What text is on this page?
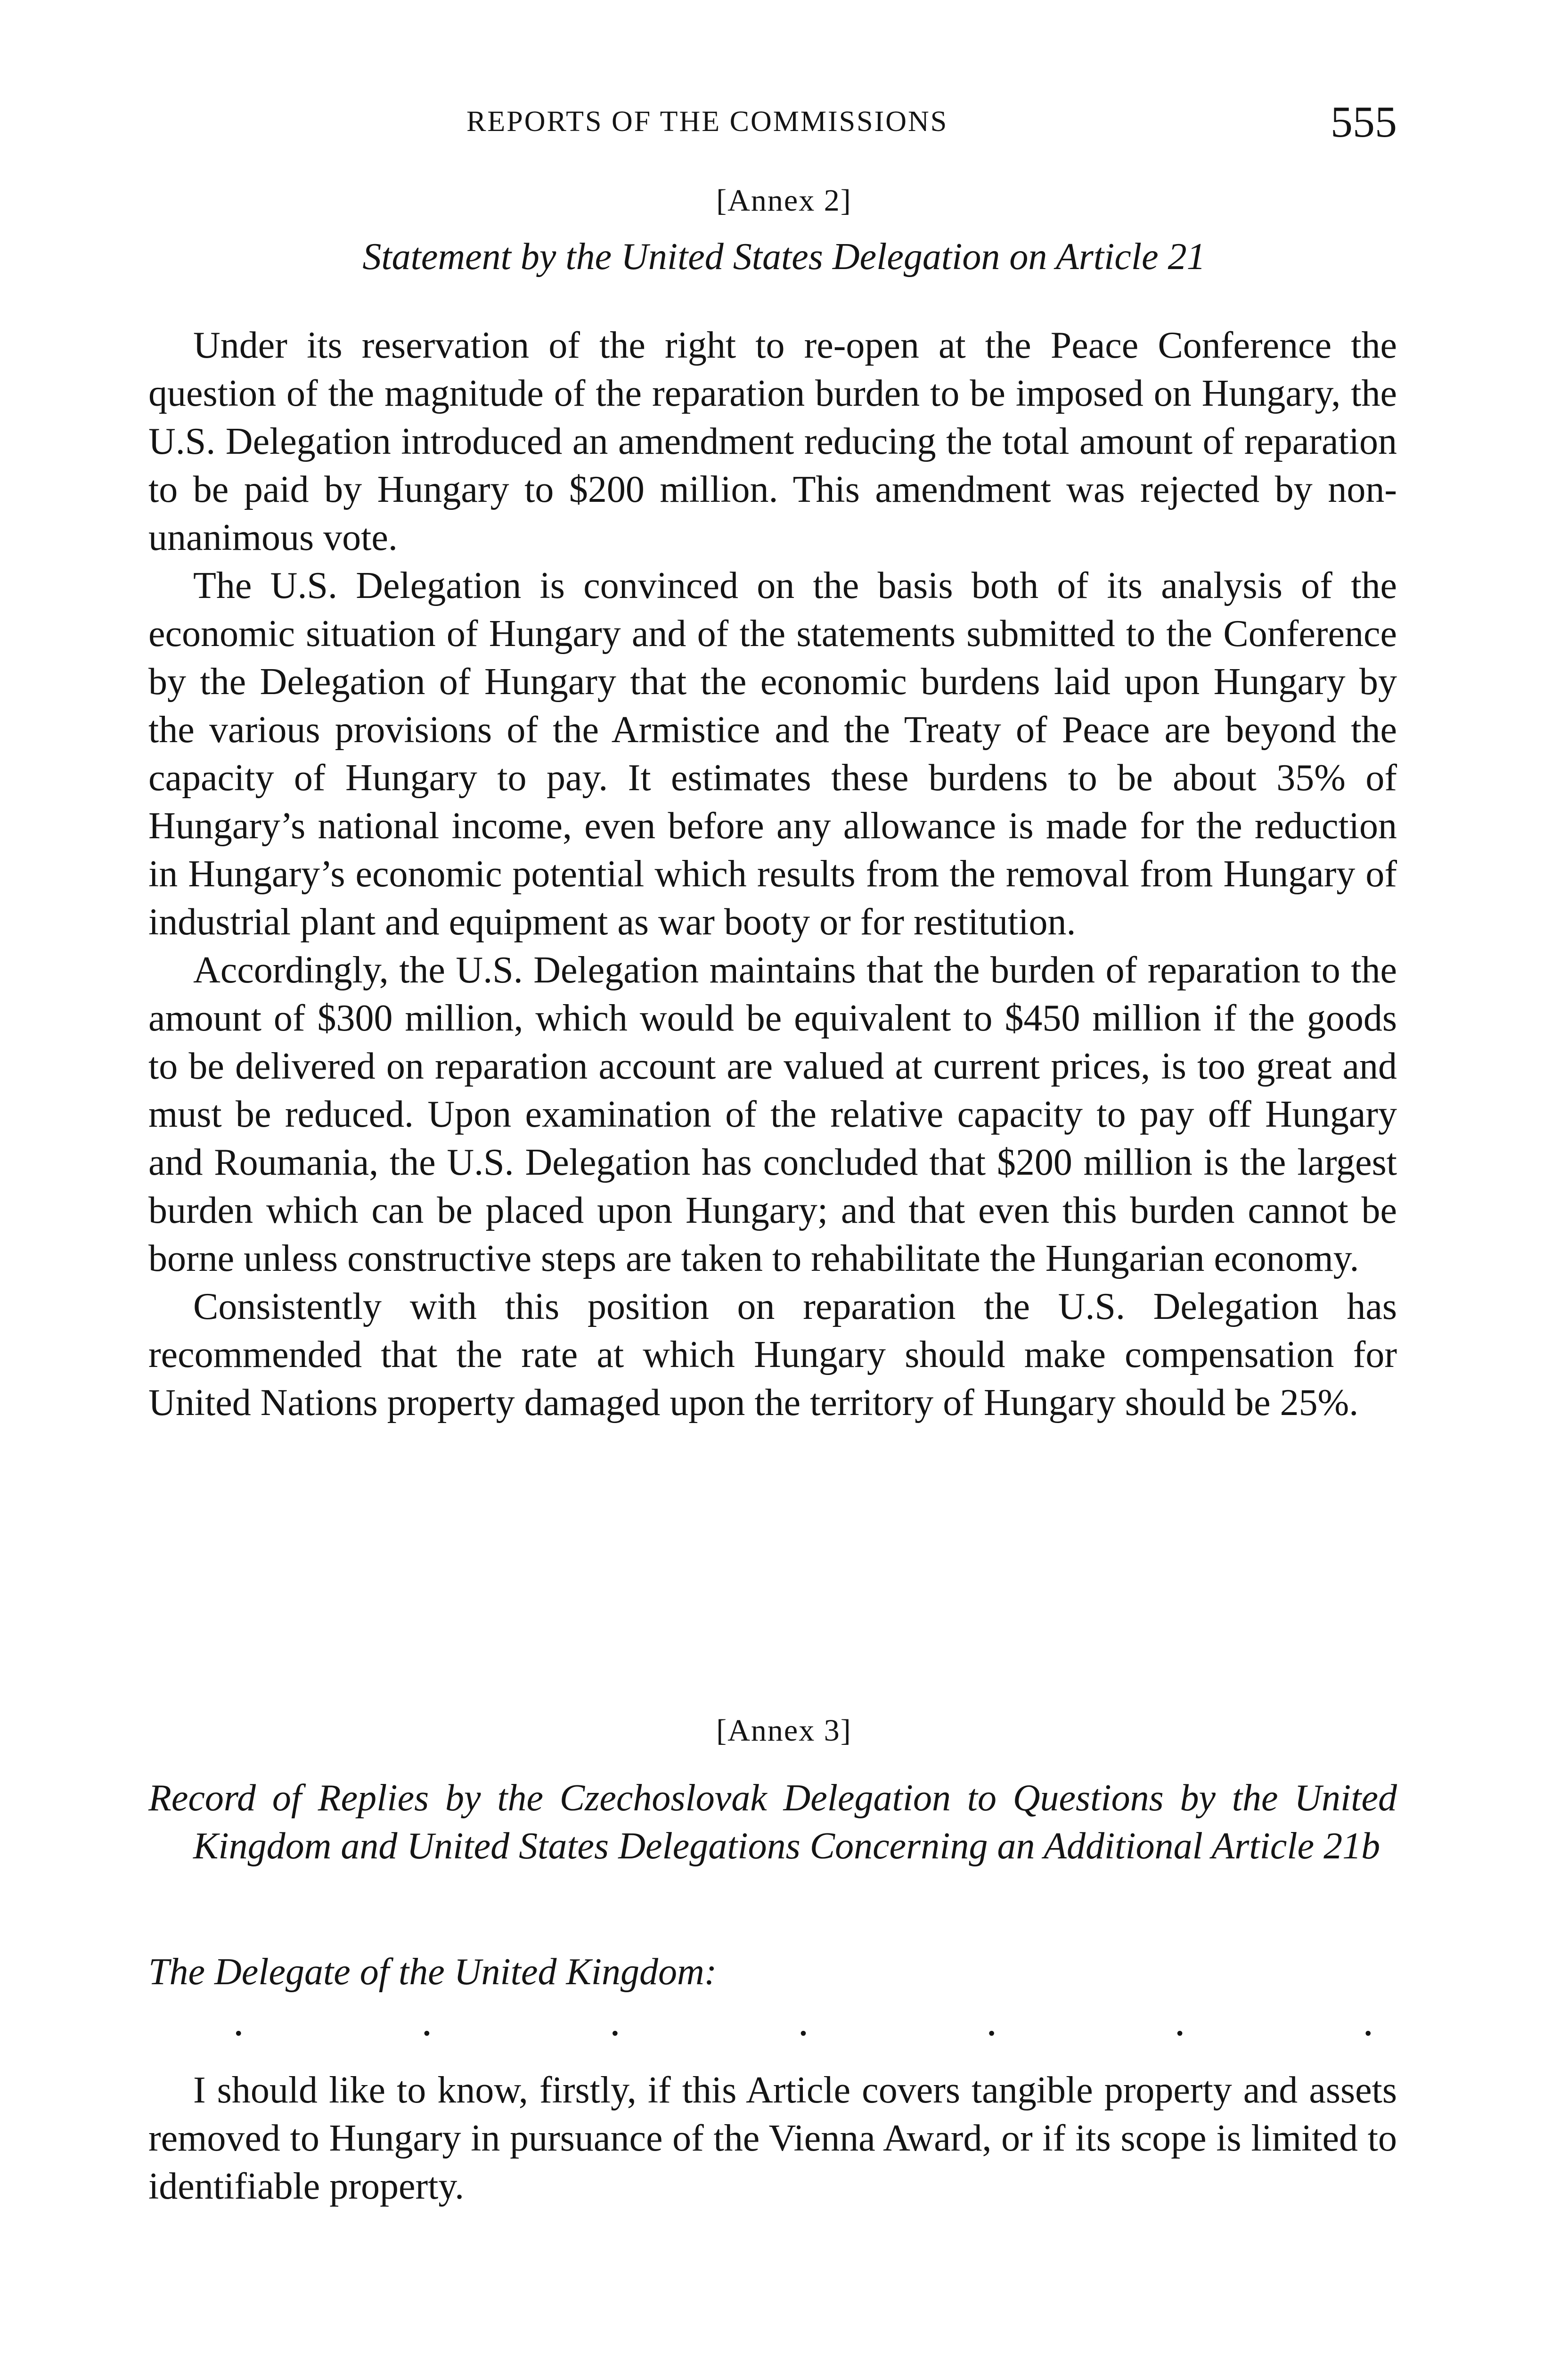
REPORTS OF THE COMMISSIONS	555
[Annex 2]
Statement by the United States Delegation on Article 21

Under its reservation of the right to re-open at the Peace Conference the question of the magnitude of the reparation burden to be imposed on Hungary, the U.S. Delegation introduced an amendment reducing the total amount of reparation to be paid by Hungary to $200 million. This amendment was rejected by non-unanimous vote.

The U.S. Delegation is convinced on the basis both of its analysis of the economic situation of Hungary and of the statements submitted to the Conference by the Delegation of Hungary that the economic burdens laid upon Hungary by the various provisions of the Armistice and the Treaty of Peace are beyond the capacity of Hungary to pay. It estimates these burdens to be about 35% of Hungary’s national income, even before any allowance is made for the reduction in Hungary’s economic potential which results from the removal from Hungary of industrial plant and equipment as war booty or for restitution.

Accordingly, the U.S. Delegation maintains that the burden of reparation to the amount of $300 million, which would be equivalent to $450 million if the goods to be delivered on reparation account are valued at current prices, is too great and must be reduced. Upon examination of the relative capacity to pay off Hungary and Roumania, the U.S. Delegation has concluded that $200 million is the largest burden which can be placed upon Hungary; and that even this burden cannot be borne unless constructive steps are taken to rehabilitate the Hungarian economy.

Consistently with this position on reparation the U.S. Delegation has recommended that the rate at which Hungary should make compensation for United Nations property damaged upon the territory of Hungary should be 25%.

[Annex 3]

Record of Replies by the Czechoslovak Delegation to Questions by the United Kingdom and United States Delegations Concerning an Additional Article 21b

The Delegate of the United Kingdom:
.	.	.	.	.	.	.

I should like to know, firstly, if this Article covers tangible property and assets removed to Hungary in pursuance of the Vienna Award, or if its scope is limited to identifiable property.
